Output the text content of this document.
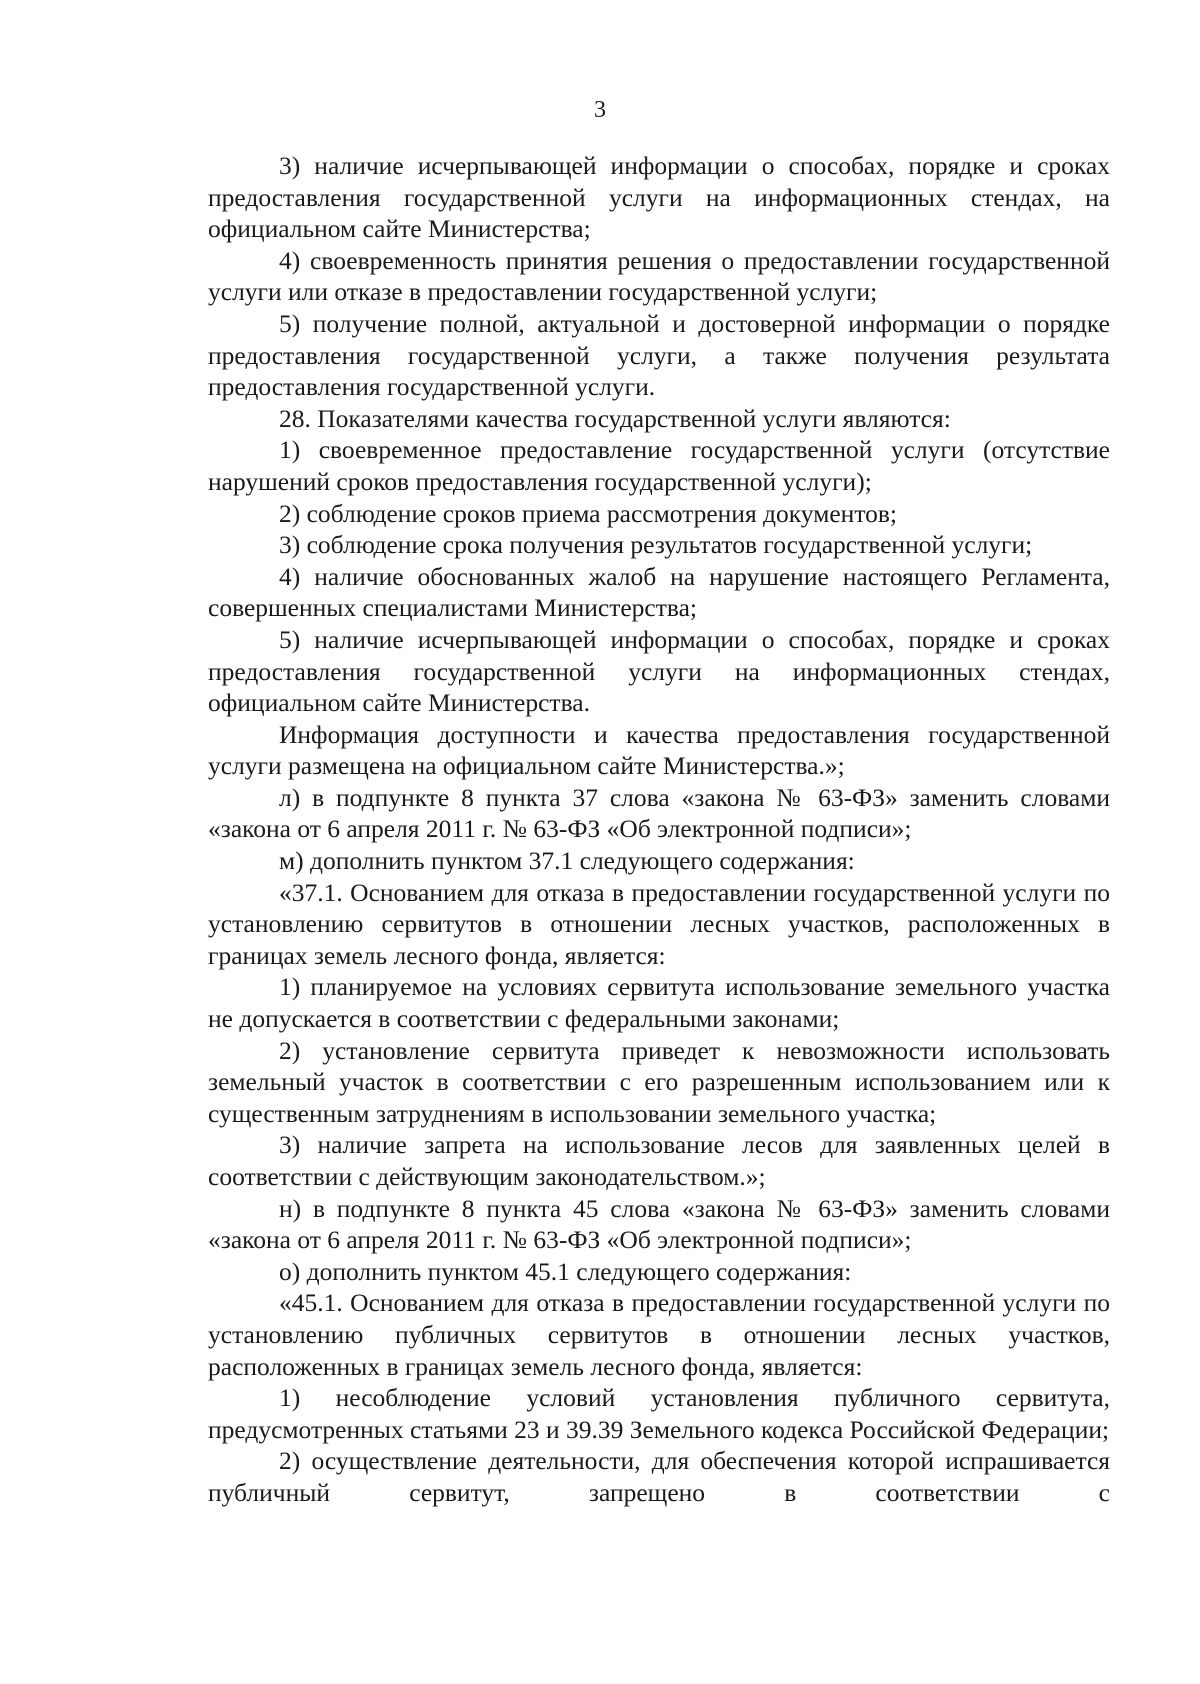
3

3) наличие исчерпывающей информации о способах, порядке и сроках предоставления государственной услуги на информационных стендах, на официальном сайте Министерства;

4) своевременность принятия решения о предоставлении государственной услуги или отказе в предоставлении государственной услуги;

5) получение полной, актуальной и достоверной информации о порядке предоставления государственной услуги, а также получения результата предоставления государственной услуги.

28. Показателями качества государственной услуги являются:

1) своевременное предоставление государственной услуги (отсутствие нарушений сроков предоставления государственной услуги);

2) соблюдение сроков приема рассмотрения документов;

3) соблюдение срока получения результатов государственной услуги;

4) наличие обоснованных жалоб на нарушение настоящего Регламента, совершенных специалистами Министерства;

5) наличие исчерпывающей информации о способах, порядке и сроках предоставления государственной услуги на информационных стендах, официальном сайте Министерства.

Информация доступности и качества предоставления государственной услуги размещена на официальном сайте Министерства.»;

л) в подпункте 8 пункта 37 слова «закона № 63-ФЗ» заменить словами «закона от 6 апреля 2011 г. № 63-ФЗ «Об электронной подписи»;

м) дополнить пунктом 37.1 следующего содержания:

«37.1. Основанием для отказа в предоставлении государственной услуги по установлению сервитутов в отношении лесных участков, расположенных в границах земель лесного фонда, является:

1) планируемое на условиях сервитута использование земельного участка не допускается в соответствии с федеральными законами;

2) установление сервитута приведет к невозможности использовать земельный участок в соответствии с его разрешенным использованием или к существенным затруднениям в использовании земельного участка;

3) наличие запрета на использование лесов для заявленных целей в соответствии с действующим законодательством.»;

н) в подпункте 8 пункта 45 слова «закона № 63-ФЗ» заменить словами «закона от 6 апреля 2011 г. № 63-ФЗ «Об электронной подписи»;

о) дополнить пунктом 45.1 следующего содержания:

«45.1. Основанием для отказа в предоставлении государственной услуги по установлению публичных сервитутов в отношении лесных участков, расположенных в границах земель лесного фонда, является:

1) несоблюдение условий установления публичного сервитута, предусмотренных статьями 23 и 39.39 Земельного кодекса Российской Федерации;

2) осуществление деятельности, для обеспечения которой испрашивается публичный сервитут, запрещено в соответствии с
